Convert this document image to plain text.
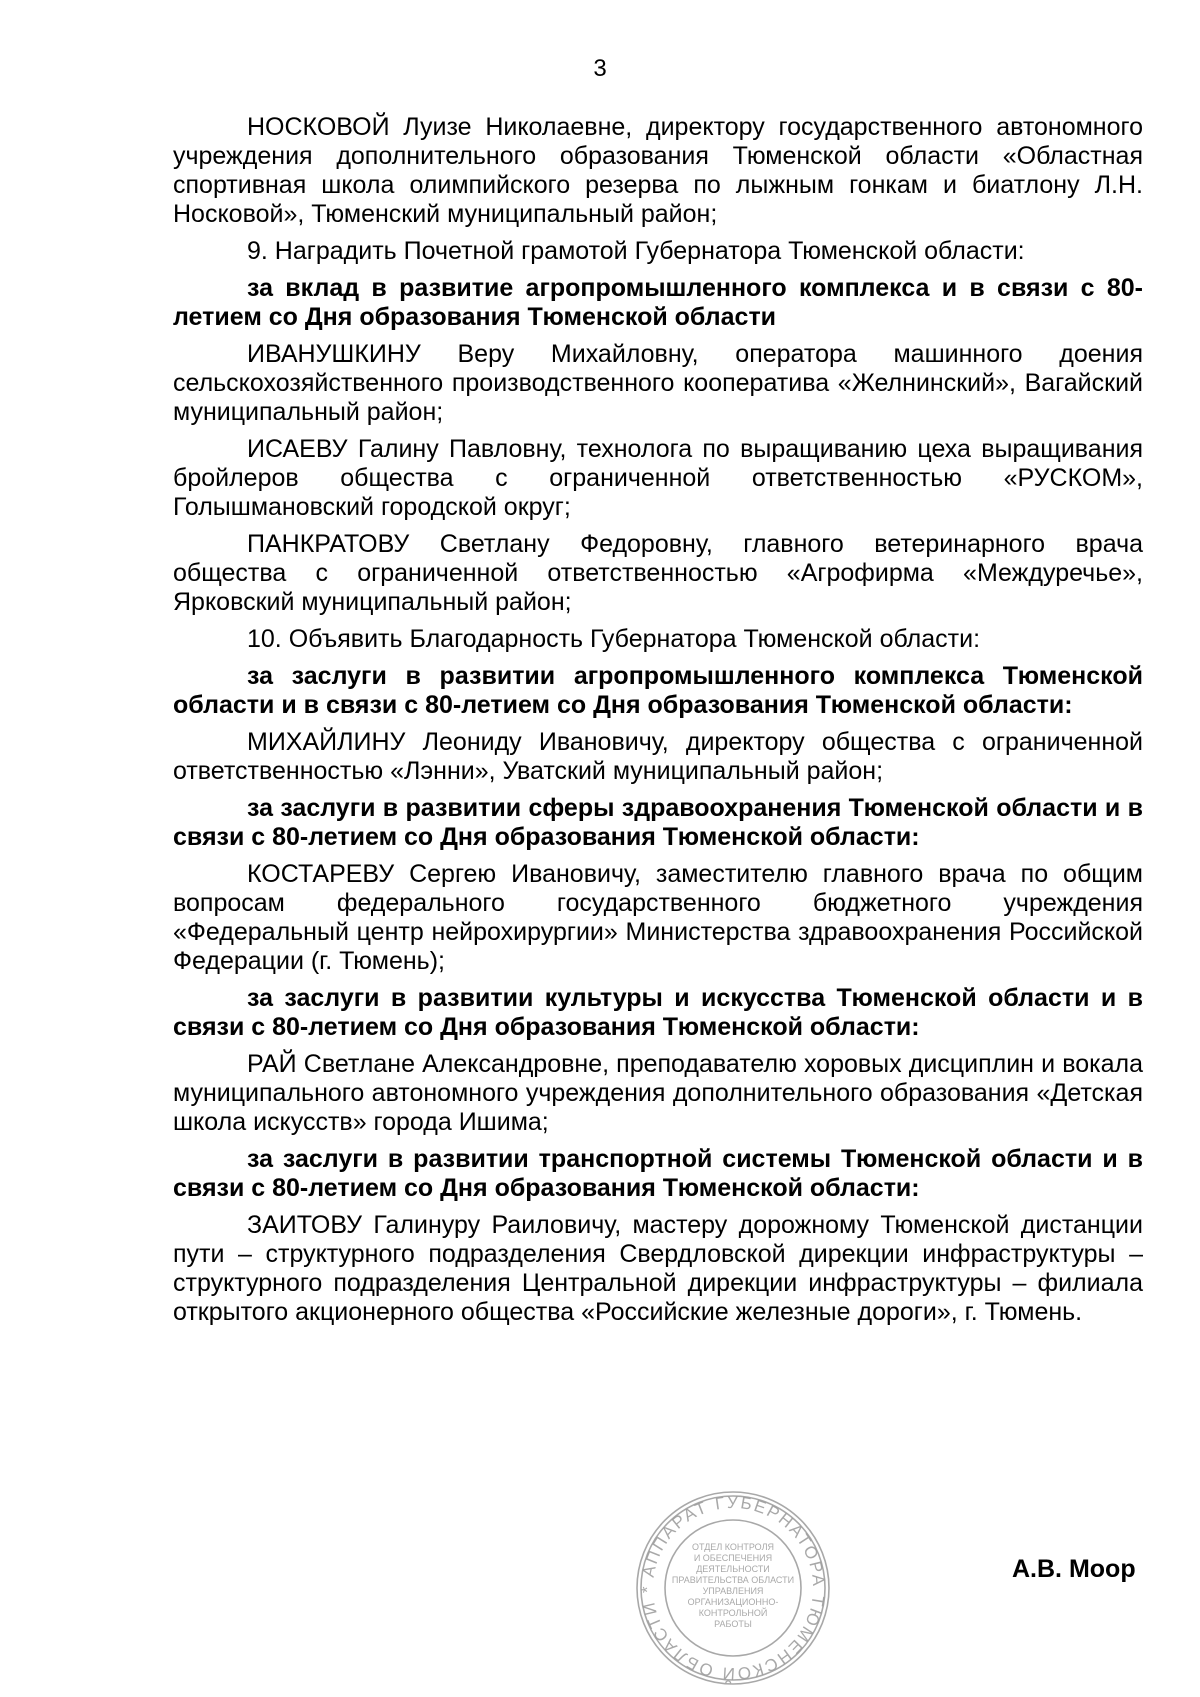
3

НОСКОВОЙ Луизе Николаевне, директору государственного автономного учреждения дополнительного образования Тюменской области «Областная спортивная школа олимпийского резерва по лыжным гонкам и биатлону Л.Н. Носковой», Тюменский муниципальный район;

9. Наградить Почетной грамотой Губернатора Тюменской области:

за вклад в развитие агропромышленного комплекса и в связи с 80-летием со Дня образования Тюменской области

ИВАНУШКИНУ Веру Михайловну, оператора машинного доения сельскохозяйственного производственного кооператива «Желнинский», Вагайский муниципальный район;

ИСАЕВУ Галину Павловну, технолога по выращиванию цеха выращивания бройлеров общества с ограниченной ответственностью «РУСКОМ», Голышмановский городской округ;

ПАНКРАТОВУ Светлану Федоровну, главного ветеринарного врача общества с ограниченной ответственностью «Агрофирма «Междуречье», Ярковский муниципальный район;

10. Объявить Благодарность Губернатора Тюменской области:

за заслуги в развитии агропромышленного комплекса Тюменской области и в связи с 80-летием со Дня образования Тюменской области:

МИХАЙЛИНУ Леониду Ивановичу, директору общества с ограниченной ответственностью «Лэнни», Уватский муниципальный район;

за заслуги в развитии сферы здравоохранения Тюменской области и в связи с 80-летием со Дня образования Тюменской области:

КОСТАРЕВУ Сергею Ивановичу, заместителю главного врача по общим вопросам федерального государственного бюджетного учреждения «Федеральный центр нейрохирургии» Министерства здравоохранения Российской Федерации (г. Тюмень);

за заслуги в развитии культуры и искусства Тюменской области и в связи с 80-летием со Дня образования Тюменской области:

РАЙ Светлане Александровне, преподавателю хоровых дисциплин и вокала муниципального автономного учреждения дополнительного образования «Детская школа искусств» города Ишима;

за заслуги в развитии транспортной системы Тюменской области и в связи с 80-летием со Дня образования Тюменской области:

ЗАИТОВУ Галинуру Раиловичу, мастеру дорожному Тюменской дистанции пути – структурного подразделения Свердловской дирекции инфраструктуры – структурного подразделения Центральной дирекции инфраструктуры – филиала открытого акционерного общества «Российские железные дороги», г. Тюмень.

АППАРАТ ГУБЕРНАТОРА ТЮМЕНСКОЙ ОБЛАСТИ *
ОТДЕЛ КОНТРОЛЯ
И ОБЕСПЕЧЕНИЯ
ДЕЯТЕЛЬНОСТИ
ПРАВИТЕЛЬСТВА ОБЛАСТИ
УПРАВЛЕНИЯ
ОРГАНИЗАЦИОННО-
КОНТРОЛЬНОЙ
РАБОТЫ
А.В. Моор
